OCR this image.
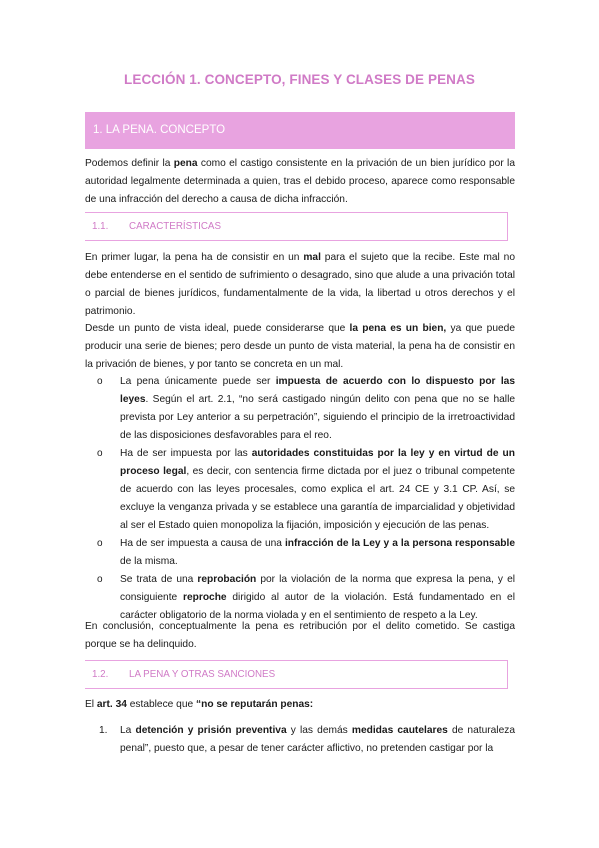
LECCIÓN 1. CONCEPTO, FINES Y CLASES DE PENAS
1. LA PENA. CONCEPTO

Podemos definir la pena como el castigo consistente en la privación de un bien jurídico por la autoridad legalmente determinada a quien, tras el debido proceso, aparece como responsable de una infracción del derecho a causa de dicha infracción.

1.1. CARACTERÍSTICAS

En primer lugar, la pena ha de consistir en un mal para el sujeto que la recibe. Este mal no debe entenderse en el sentido de sufrimiento o desagrado, sino que alude a una privación total o parcial de bienes jurídicos, fundamentalmente de la vida, la libertad u otros derechos y el patrimonio.

Desde un punto de vista ideal, puede considerarse que la pena es un bien, ya que puede producir una serie de bienes; pero desde un punto de vista material, la pena ha de consistir en la privación de bienes, y por tanto se concreta en un mal.

o La pena únicamente puede ser impuesta de acuerdo con lo dispuesto por las leyes. Según el art. 2.1, “no será castigado ningún delito con pena que no se halle prevista por Ley anterior a su perpetración”, siguiendo el principio de la irretroactividad de las disposiciones desfavorables para el reo.
o Ha de ser impuesta por las autoridades constituidas por la ley y en virtud de un proceso legal, es decir, con sentencia firme dictada por el juez o tribunal competente de acuerdo con las leyes procesales, como explica el art. 24 CE y 3.1 CP. Así, se excluye la venganza privada y se establece una garantía de imparcialidad y objetividad al ser el Estado quien monopoliza la fijación, imposición y ejecución de las penas.
o Ha de ser impuesta a causa de una infracción de la Ley y a la persona responsable de la misma.
o Se trata de una reprobación por la violación de la norma que expresa la pena, y el consiguiente reproche dirigido al autor de la violación. Está fundamentado en el carácter obligatorio de la norma violada y en el sentimiento de respeto a la Ley.

En conclusión, conceptualmente la pena es retribución por el delito cometido. Se castiga porque se ha delinquido.

1.2. LA PENA Y OTRAS SANCIONES

El art. 34 establece que “no se reputarán penas:

1. La detención y prisión preventiva y las demás medidas cautelares de naturaleza penal”, puesto que, a pesar de tener carácter aflictivo, no pretenden castigar por la
